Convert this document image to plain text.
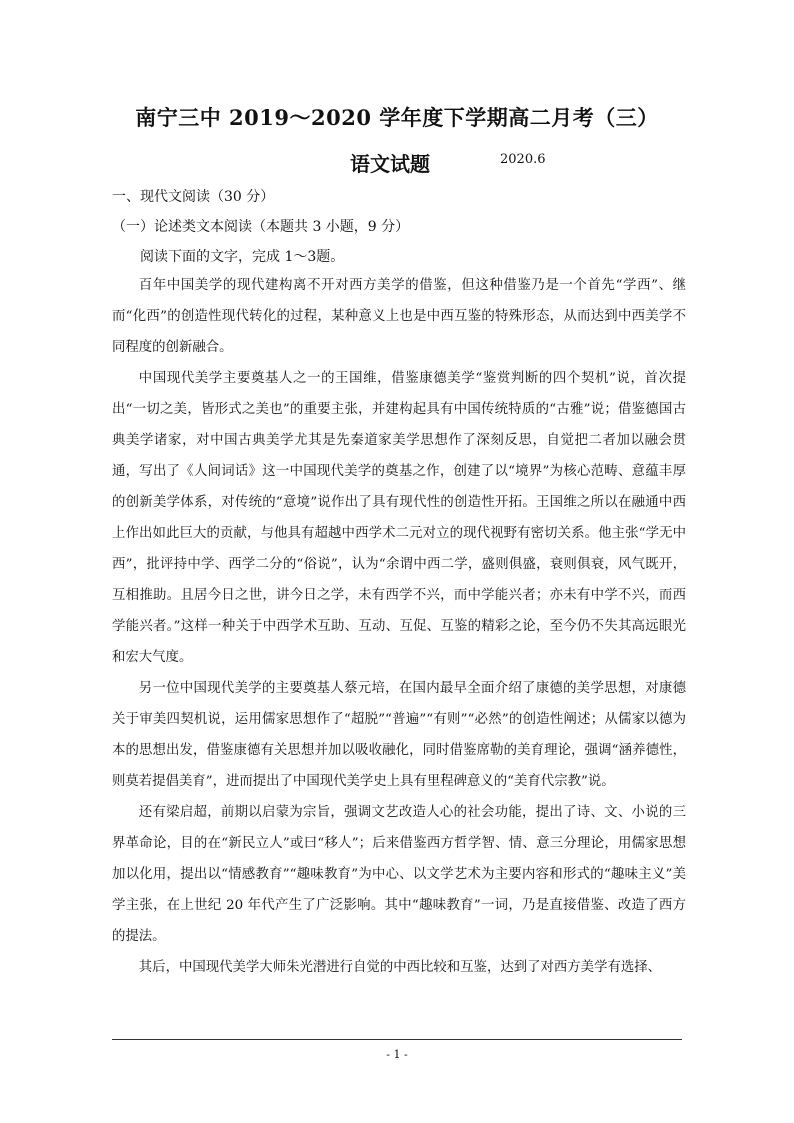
南宁三中 2019～2020 学年度下学期高二月考（三）
语文试题	2020.6
一、现代文阅读（30 分）
（一）论述类文本阅读（本题共 3 小题，9 分）
阅读下面的文字，完成 1～3题。

百年中国美学的现代建构离不开对西方美学的借鉴，但这种借鉴乃是一个首先“学西”、继而“化西”的创造性现代转化的过程，某种意义上也是中西互鉴的特殊形态，从而达到中西美学不同程度的创新融合。

中国现代美学主要奠基人之一的王国维，借鉴康德美学“鉴赏判断的四个契机”说，首次提出“一切之美，皆形式之美也”的重要主张，并建构起具有中国传统特质的“古雅”说；借鉴德国古典美学诸家，对中国古典美学尤其是先秦道家美学思想作了深刻反思，自觉把二者加以融会贯通，写出了《人间词话》这一中国现代美学的奠基之作，创建了以“境界”为核心范畴、意蕴丰厚的创新美学体系，对传统的“意境”说作出了具有现代性的创造性开拓。王国维之所以在融通中西上作出如此巨大的贡献，与他具有超越中西学术二元对立的现代视野有密切关系。他主张“学无中西”，批评持中学、西学二分的“俗说”，认为“余谓中西二学，盛则俱盛，衰则俱衰，风气既开，互相推助。且居今日之世，讲今日之学，未有西学不兴，而中学能兴者；亦未有中学不兴，而西学能兴者。”这样一种关于中西学术互助、互动、互促、互鉴的精彩之论，至今仍不失其高远眼光和宏大气度。

另一位中国现代美学的主要奠基人蔡元培，在国内最早全面介绍了康德的美学思想，对康德关于审美四契机说，运用儒家思想作了“超脱”“普遍”“有则”“必然”的创造性阐述；从儒家以德为本的思想出发，借鉴康德有关思想并加以吸收融化，同时借鉴席勒的美育理论，强调“涵养德性，则莫若提倡美育”，进而提出了中国现代美学史上具有里程碑意义的“美育代宗教”说。

还有梁启超，前期以启蒙为宗旨，强调文艺改造人心的社会功能，提出了诗、文、小说的三界革命论，目的在“新民立人”或曰“移人”；后来借鉴西方哲学智、情、意三分理论，用儒家思想加以化用，提出以“情感教育”“趣味教育”为中心、以文学艺术为主要内容和形式的“趣味主义”美学主张，在上世纪 20 年代产生了广泛影响。其中“趣味教育”一词，乃是直接借鉴、改造了西方的提法。

其后，中国现代美学大师朱光潜进行自觉的中西比较和互鉴，达到了对西方美学有选择、

- 1 -
